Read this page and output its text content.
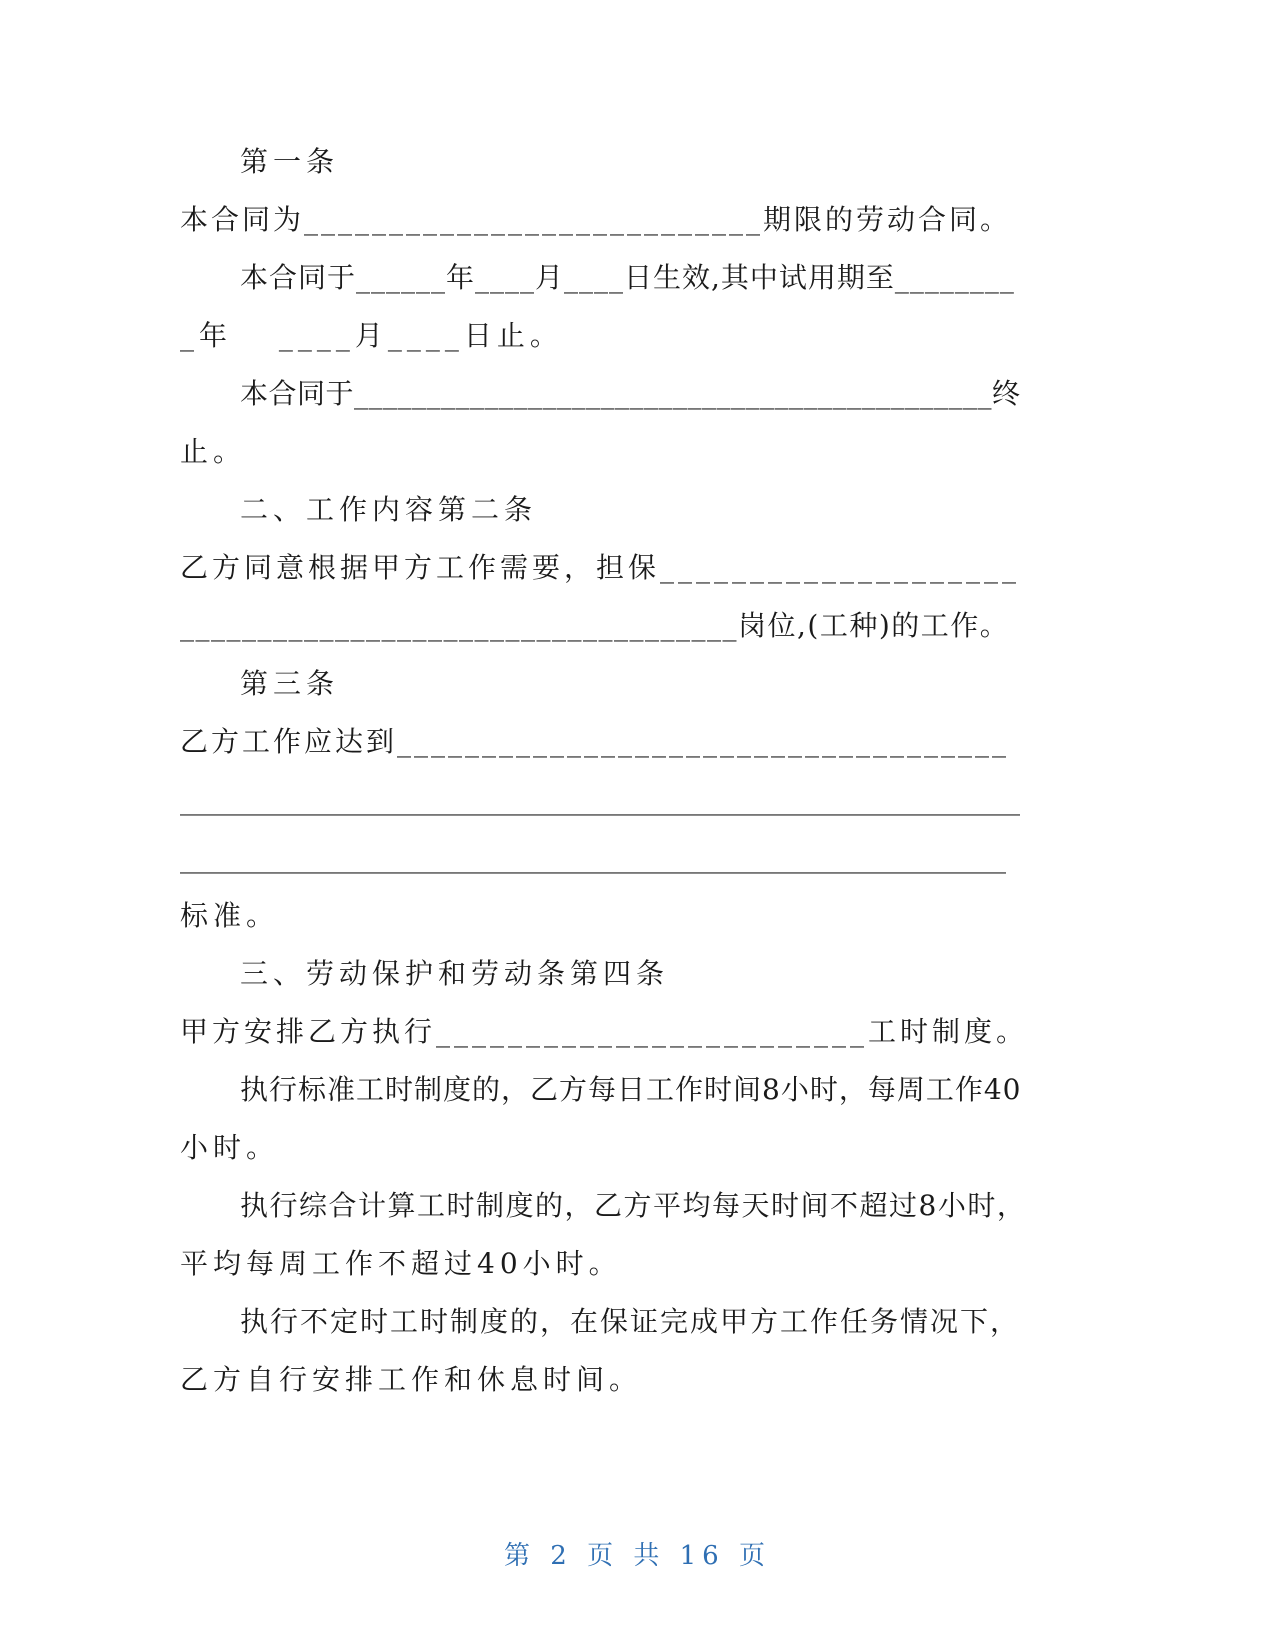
第一条
本合同为___________________________期限的劳动合同。
本合同于______年____月____日生效,其中试用期至________
_年　 ____月____日止。
本合同于____________________________________________终
止。
二、工作内容第二条
乙方同意根据甲方工作需要，担保____________________
____________________________________岗位,(工种)的工作。
第三条
乙方工作应达到____________________________________
____________________________________________________________
___________________________________________________________
标准。
三、劳动保护和劳动条第四条
甲方安排乙方执行________________________工时制度。
执行标准工时制度的，乙方每日工作时间8小时，每周工作40
小时。
执行综合计算工时制度的，乙方平均每天时间不超过8小时，
平均每周工作不超过40小时。
执行不定时工时制度的，在保证完成甲方工作任务情况下，
乙方自行安排工作和休息时间。
第 2 页 共 16 页
